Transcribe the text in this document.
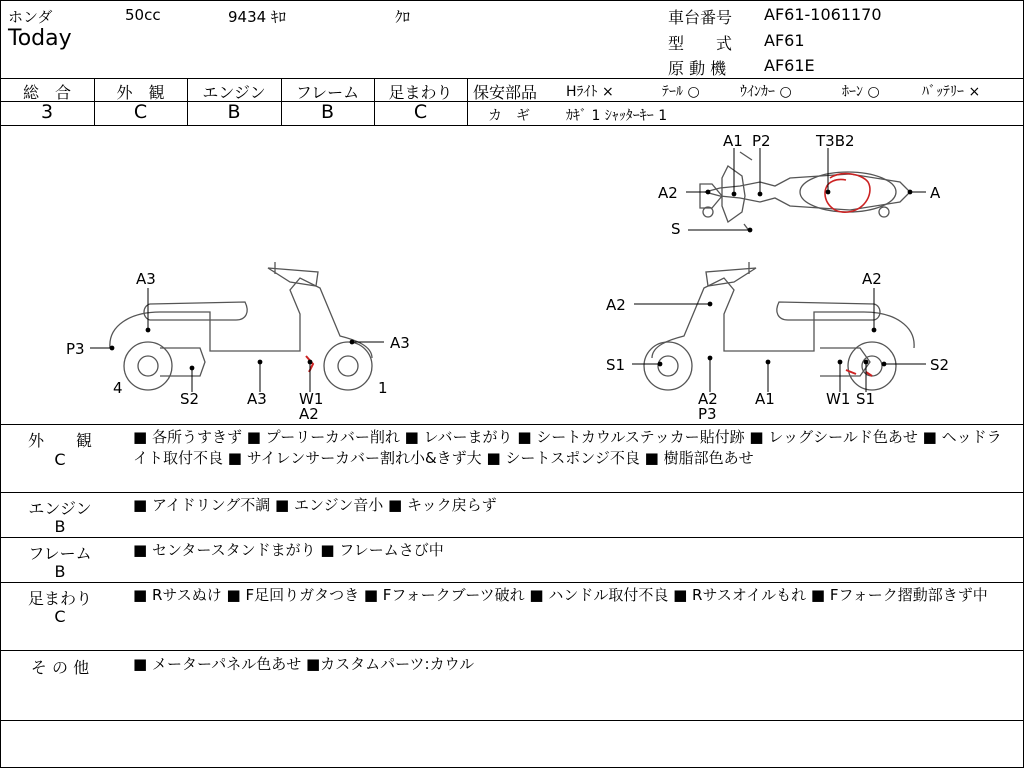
ホンダ	50cc	9434 ｷﾛ	ｸﾛ
Today
車台番号 AF61-1061170
型　　式 AF61
原 動 機 AF61E
総　合	外　観	エンジン	フレーム	足まわり
3	C	B	B	C
保安部品 Hﾗｲﾄ ×	ﾃｰﾙ ○	ｳｲﾝｶｰ ○	ﾎｰﾝ ○	ﾊﾞｯﾃﾘｰ ×
カ　ギ	ｶｷﾞ 1 ｼｬｯﾀｰｷｰ 1
A1 P2	T3B2
A2	A
S
A3
P3	A3
4
S2	A3 W1
A2
1
A2
A2
S1	S2
A2
P3
A1	W1 S1
外　　観
C
■ 各所うすきず ■ プーリーカバー削れ ■ レバーまがり ■ シートカウルステッカー貼付跡 ■ レッグシールド色あせ ■ ヘッドライト取付不良 ■ サイレンサーカバー割れ小&きず大 ■ シートスポンジ不良 ■ 樹脂部色あせ
エンジン
B
■ アイドリング不調 ■ エンジン音小 ■ キック戻らず
フレーム
B
■ センタースタンドまがり ■ フレームさび中
足まわり
C
■ Rサスぬけ ■ F足回りガタつき ■ Fフォークブーツ破れ ■ ハンドル取付不良 ■ Rサスオイルもれ ■ Fフォーク摺動部きず中
そ の 他	■ メーターパネル色あせ ■カスタムパーツ:カウル
